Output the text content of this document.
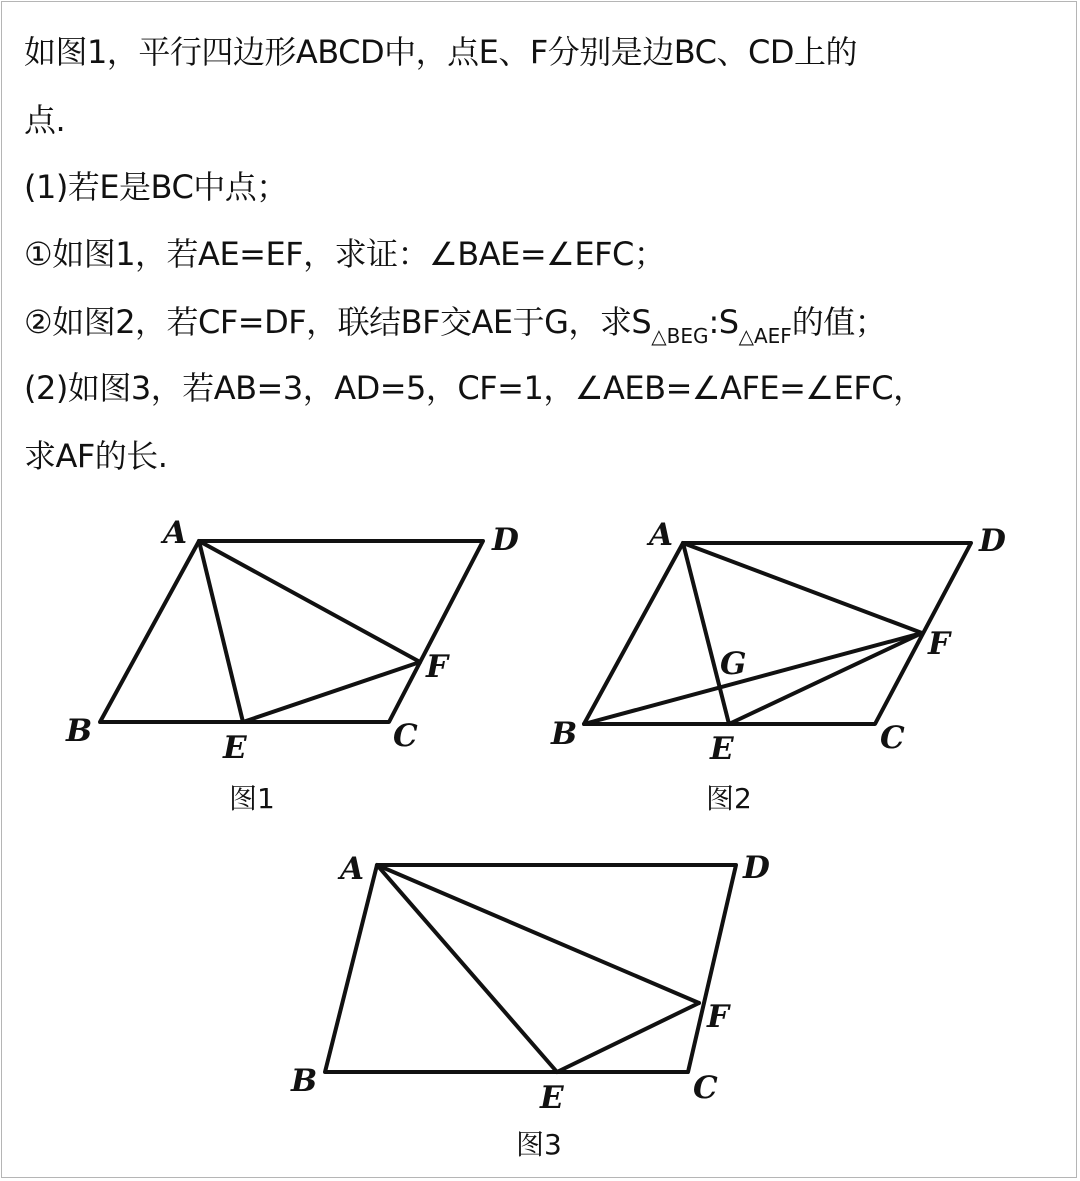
如图1，平行四边形ABCD中，点E、F分别是边BC、CD上的
点.
(1)若E是BC中点；
①如图1，若AE=EF，求证：∠BAE=∠EFC；
②如图2，若CF=DF，联结BF交AE于G，求$S_{\triangle BEG}:S_{\triangle AEF}$的值；
(2)如图3，若AB=3，AD=5，CF=1，∠AEB=∠AFE=∠EFC，
求AF的长.
A	D
B	C
E
F
图1
A	D
B	C
E
F
G
图2
A	D
B	C
E
F
图3
